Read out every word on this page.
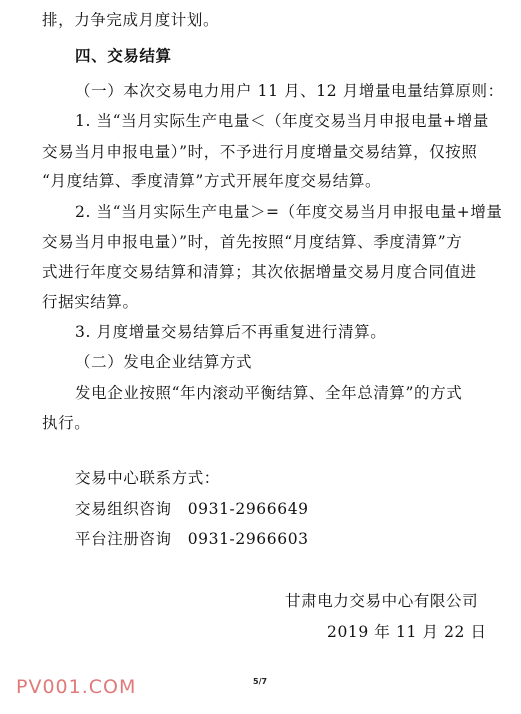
排，力争完成月度计划。
四、交易结算
（一）本次交易电力用户 11 月、12 月增量电量结算原则：
1. 当“当月实际生产电量＜（年度交易当月申报电量+增量
交易当月申报电量）”时，不予进行月度增量交易结算，仅按照
“月度结算、季度清算”方式开展年度交易结算。
2. 当“当月实际生产电量＞=（年度交易当月申报电量+增量
交易当月申报电量）”时，首先按照“月度结算、季度清算”方
式进行年度交易结算和清算；其次依据增量交易月度合同值进
行据实结算。
3. 月度增量交易结算后不再重复进行清算。
（二）发电企业结算方式
发电企业按照“年内滚动平衡结算、全年总清算”的方式
执行。
交易中心联系方式：
交易组织咨询　0931-2966649
平台注册咨询　0931-2966603
甘肃电力交易中心有限公司
2019 年 11 月 22 日
PV001.COM	5/7
